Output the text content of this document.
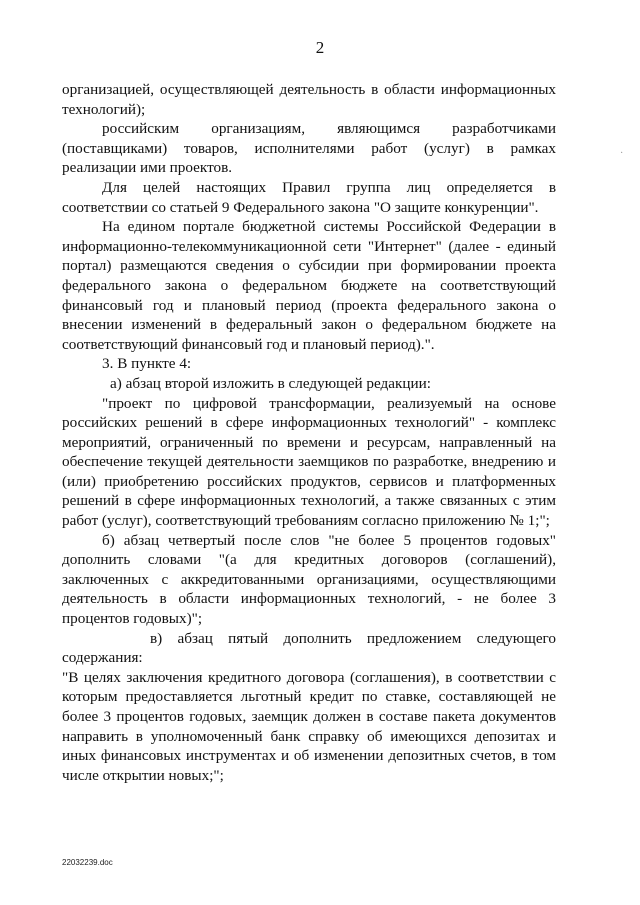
2
·

организацией, осуществляющей деятельность в области информационных технологий);

российским организациям, являющимся разработчиками (поставщиками) товаров, исполнителями работ (услуг) в рамках реализации ими проектов.

Для целей настоящих Правил группа лиц определяется в соответствии со статьей 9 Федерального закона "О защите конкуренции".

На едином портале бюджетной системы Российской Федерации в информационно-телекоммуникационной сети "Интернет" (далее - единый портал) размещаются сведения о субсидии при формировании проекта федерального закона о федеральном бюджете на соответствующий финансовый год и плановый период (проекта федерального закона о внесении изменений в федеральный закон о федеральном бюджете на соответствующий финансовый год и плановый период).".

3. В пункте 4:

а) абзац второй изложить в следующей редакции:

"проект по цифровой трансформации, реализуемый на основе российских решений в сфере информационных технологий" - комплекс мероприятий, ограниченный по времени и ресурсам, направленный на обеспечение текущей деятельности заемщиков по разработке, внедрению и (или) приобретению российских продуктов, сервисов и платформенных решений в сфере информационных технологий, а также связанных с этим работ (услуг), соответствующий требованиям согласно приложению № 1;";

б) абзац четвертый после слов "не более 5 процентов годовых" дополнить словами "(а для кредитных договоров (соглашений), заключенных с аккредитованными организациями, осуществляющими деятельность в области информационных технологий, - не более 3 процентов годовых)";

в) абзац пятый дополнить предложением следующего содержания:

"В целях заключения кредитного договора (соглашения), в соответствии с которым предоставляется льготный кредит по ставке, составляющей не более 3 процентов годовых, заемщик должен в составе пакета документов направить в уполномоченный банк справку об имеющихся депозитах и иных финансовых инструментах и об изменении депозитных счетов, в том числе открытии новых;";

22032239.doc
